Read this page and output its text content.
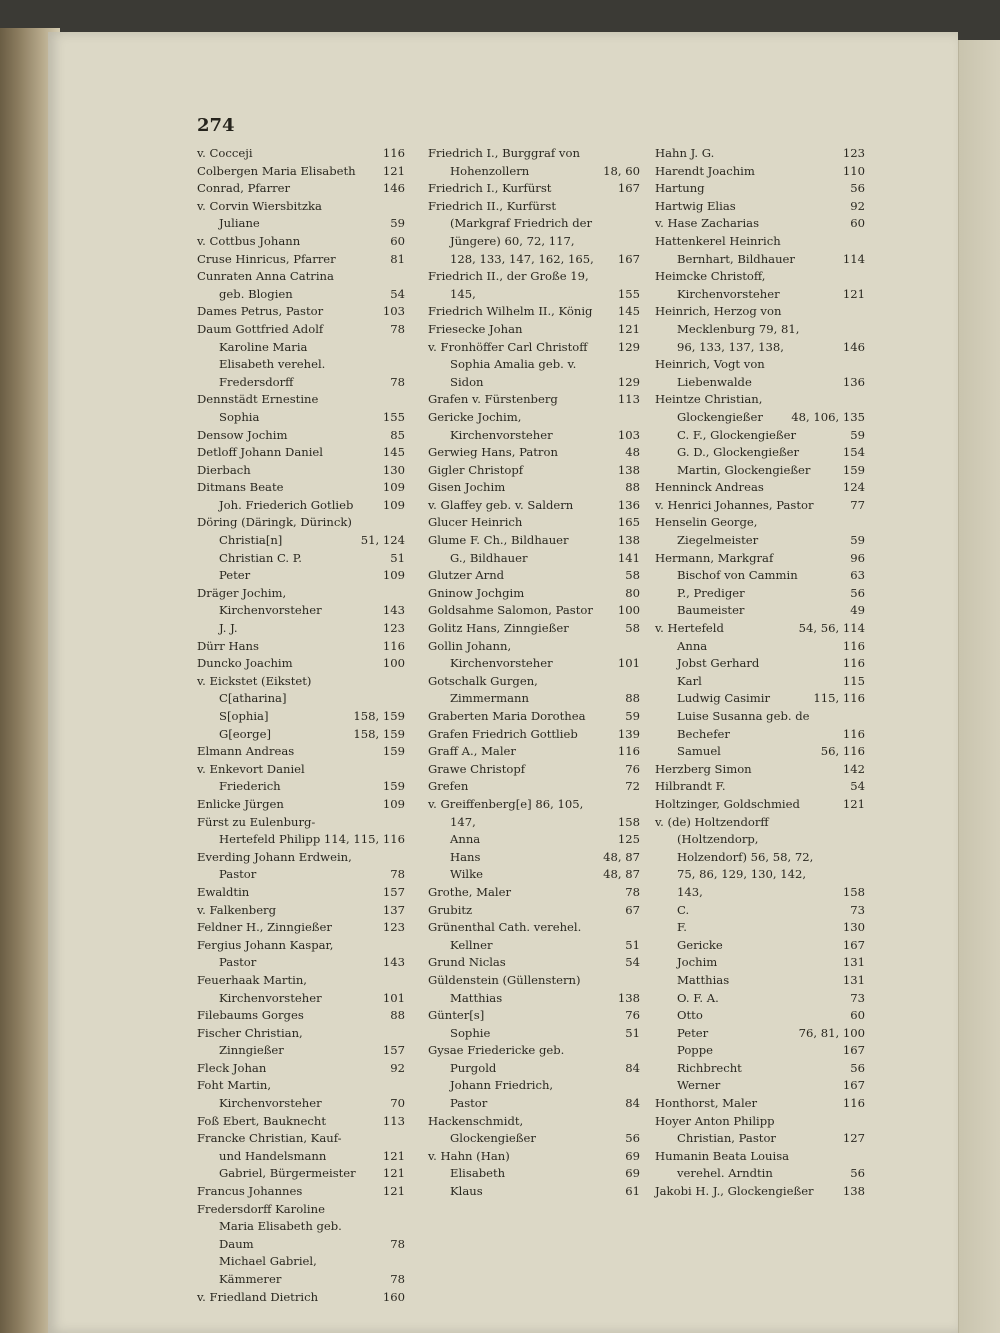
274
v. Cocceji	116
Colbergen Maria Elisabeth	121
Conrad, Pfarrer	146
v. Corvin Wiersbitzka Juliane	59
v. Cottbus Johann	60
Cruse Hinricus, Pfarrer	81
Cunraten Anna Catrina geb. Blogien	54
Dames Petrus, Pastor	103
Daum Gottfried Adolf	78
Karoline Maria Elisabeth verehel. Fredersdorff	78
Dennstädt Ernestine Sophia	155
Densow Jochim	85
Detloff Johann Daniel	145
Dierbach	130
Ditmans Beate	109
Joh. Friederich Gotlieb	109
Döring (Däringk, Dürinck) Christia[n]	51, 124
Christian C. P.	51
Peter	109
Dräger Jochim, Kirchenvorsteher	143
J. J.	123
Dürr Hans	116
Duncko Joachim	100
v. Eickstet (Eikstet) C[atharina]
S[ophia]	158, 159
G[eorge]	158, 159
Elmann Andreas	159
v. Enkevort Daniel Friederich	159
Enlicke Jürgen	109
Fürst zu Eulenburg-Hertefeld Philipp 114, 115, 116
Everding Johann Erdwein, Pastor	78
Ewaldtin	157
v. Falkenberg	137
Feldner H., Zinngießer	123
Fergius Johann Kaspar, Pastor	143
Feuerhaak Martin, Kirchenvorsteher	101
Filebaums Gorges	88
Fischer Christian, Zinngießer	157
Fleck Johan	92
Foht Martin, Kirchenvorsteher	70
Foß Ebert, Bauknecht	113
Francke Christian, Kauf- und Handelsmann	121
Gabriel, Bürgermeister	121
Francus Johannes	121
Fredersdorff Karoline Maria Elisabeth geb. Daum	78
Michael Gabriel, Kämmerer	78
v. Friedland Dietrich	160
Friedrich I., Burggraf von Hohenzollern	18, 60
Friedrich I., Kurfürst	167
Friedrich II., Kurfürst (Markgraf Friedrich der Jüngere) 60, 72, 117, 128, 133, 147, 162, 165,	167
Friedrich II., der Große 19, 145,	155
Friedrich Wilhelm II., König	145
Friesecke Johan	121
v. Fronhöffer Carl Christoff	129
Sophia Amalia geb. v. Sidon	129
Grafen v. Fürstenberg	113
Gericke Jochim, Kirchenvorsteher	103
Gerwieg Hans, Patron	48
Gigler Christopf	138
Gisen Jochim	88
v. Glaffey geb. v. Saldern	136
Glucer Heinrich	165
Glume F. Ch., Bildhauer	138
G., Bildhauer	141
Glutzer Arnd	58
Gninow Jochgim	80
Goldsahme Salomon, Pastor	100
Golitz Hans, Zinngießer	58
Gollin Johann, Kirchenvorsteher	101
Gotschalk Gurgen, Zimmermann	88
Graberten Maria Dorothea	59
Grafen Friedrich Gottlieb	139
Graff A., Maler	116
Grawe Christopf	76
Grefen	72
v. Greiffenberg[e] 86, 105, 147,	158
Anna	125
Hans	48, 87
Wilke	48, 87
Grothe, Maler	78
Grubitz	67
Grünenthal Cath. verehel. Kellner	51
Grund Niclas	54
Güldenstein (Güllenstern) Matthias	138
Günter[s]	76
Sophie	51
Gysae Friedericke geb. Purgold	84
Johann Friedrich, Pastor	84
Hackenschmidt, Glockengießer	56
v. Hahn (Han)	69
Elisabeth	69
Klaus	61
Hahn J. G.	123
Harendt Joachim	110
Hartung	56
Hartwig Elias	92
v. Hase Zacharias	60
Hattenkerel Heinrich Bernhart, Bildhauer	114
Heimcke Christoff, Kirchenvorsteher	121
Heinrich, Herzog von Mecklenburg 79, 81, 96, 133, 137, 138,	146
Heinrich, Vogt von Liebenwalde	136
Heintze Christian, Glockengießer	48, 106, 135
C. F., Glockengießer	59
G. D., Glockengießer	154
Martin, Glockengießer	159
Henninck Andreas	124
v. Henrici Johannes, Pastor	77
Henselin George, Ziegelmeister	59
Hermann, Markgraf	96
Bischof von Cammin	63
P., Prediger	56
Baumeister	49
v. Hertefeld	54, 56, 114
Anna	116
Jobst Gerhard	116
Karl	115
Ludwig Casimir	115, 116
Luise Susanna geb. de Bechefer	116
Samuel	56, 116
Herzberg Simon	142
Hilbrandt F.	54
Holtzinger, Goldschmied	121
v. (de) Holtzendorff (Holtzendorp, Holzendorf) 56, 58, 72, 75, 86, 129, 130, 142, 143,	158
C.	73
F.	130
Gericke	167
Jochim	131
Matthias	131
O. F. A.	73
Otto	60
Peter	76, 81, 100
Poppe	167
Richbrecht	56
Werner	167
Honthorst, Maler	116
Hoyer Anton Philipp Christian, Pastor	127
Humanin Beata Louisa verehel. Arndtin	56
Jakobi H. J., Glockengießer	138
